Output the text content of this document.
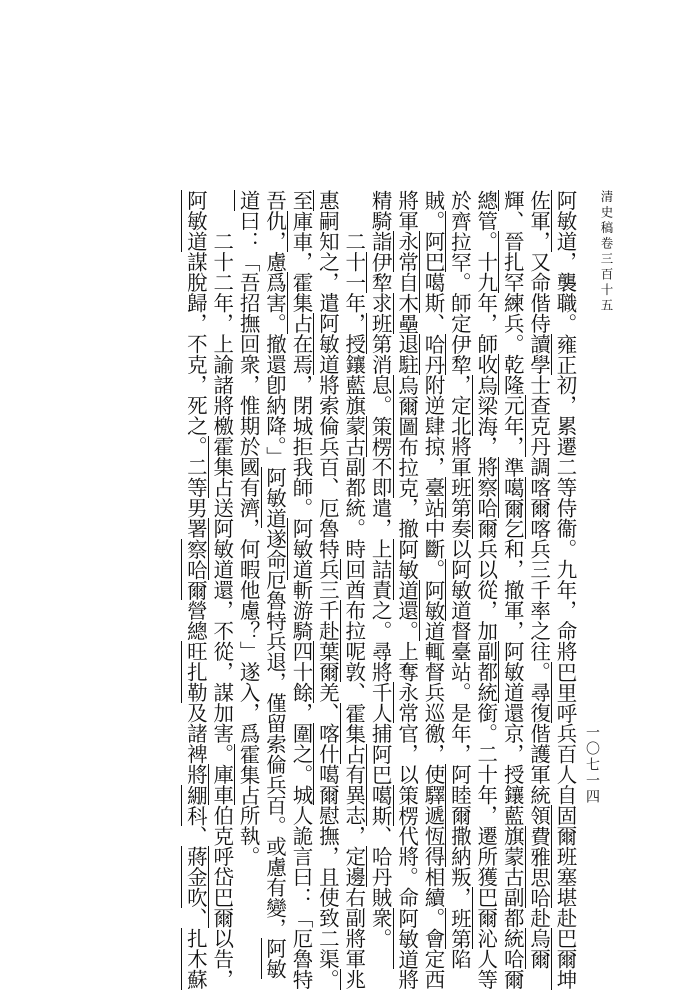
清史稿卷三百十五
一〇七一四

阿敏道，襲職。雍正初，累遷二等侍衞。九年，命將巴里呼兵百人自固爾班塞堪赴巴爾坤佐軍，又命偕侍讀學士查克丹調喀爾喀兵三千率之往。尋復偕護軍統領費雅思哈赴烏爾輝、晉扎罕練兵。乾隆元年，準噶爾乞和，撤軍，阿敏道還京，授鑲藍旗蒙古副都統哈爾總管。十九年，師收烏梁海，將察哈爾兵以從，加副都統銜。二十年，遷所獲巴爾沁人等於齊拉罕。師定伊犂，定北將軍班第奏以阿敏道督臺站。是年，阿睦爾撒納叛，班第陷賊。阿巴噶斯、哈丹附逆肆掠，臺站中斷。阿敏道輒督兵巡徼，使驛遞恆得相續。會定西將軍永常自木壘退駐烏爾圖布拉克，撤阿敏道還。上奪永常官，以策楞代將。命阿敏道將精騎詣伊犂求班第消息。策楞不即遣，上詰責之。尋將千人捕阿巴噶斯、哈丹賊衆。

二十一年，授鑲藍旗蒙古副都統。時回酋布拉呢敦、霍集占有異志，定邊右副將軍兆惠嗣知之，遣阿敏道將索倫兵百、厄魯特兵三千赴葉爾羌、喀什噶爾慰撫，且使致二渠。至庫車，霍集占在焉，閉城拒我師。阿敏道斬游騎四十餘，圍之。城人詭言曰：「厄魯特吾仇，慮爲害。撤還卽納降。」阿敏道遂命厄魯特兵退，僅留索倫兵百。或慮有變，阿敏道曰：「吾招撫回衆，惟期於國有濟，何暇他慮？」遂入，爲霍集占所執。

二十二年，上諭諸將檄霍集占送阿敏道還，不從，謀加害。庫車伯克呼岱巴爾以告，阿敏道謀脫歸，不克，死之。二等男署察哈爾營總旺扎勒及諸裨將綳科、蔣金吹、扎木蘇
